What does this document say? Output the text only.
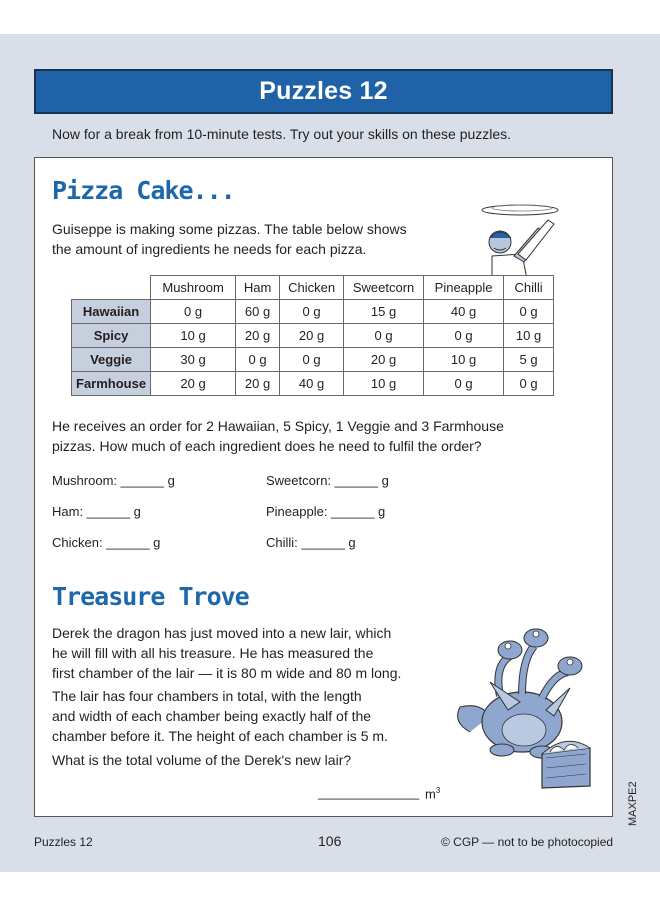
Puzzles 12
Now for a break from 10-minute tests. Try out your skills on these puzzles.
Pizza Cake...
Guiseppe is making some pizzas. The table below shows
the amount of ingredients he needs for each pizza.
	Mushroom	Ham	Chicken	Sweetcorn	Pineapple	Chilli
Hawaiian	0 g	60 g	0 g	15 g	40 g	0 g
Spicy	10 g	20 g	20 g	0 g	0 g	10 g
Veggie	30 g	0 g	0 g	20 g	10 g	5 g
Farmhouse	20 g	20 g	40 g	10 g	0 g	0 g
He receives an order for 2 Hawaiian, 5 Spicy, 1 Veggie and 3 Farmhouse
pizzas. How much of each ingredient does he need to fulfil the order?
Mushroom: ______ g
Ham: ______ g
Chicken: ______ g
Sweetcorn: ______ g
Pineapple: ______ g
Chilli: ______ g
Treasure Trove
Derek the dragon has just moved into a new lair, which
he will fill with all his treasure. He has measured the
first chamber of the lair — it is 80 m wide and 80 m long.
The lair has four chambers in total, with the length
and width of each chamber being exactly half of the
chamber before it. The height of each chamber is 5 m.
What is the total volume of the Derek's new lair?
______________ $m^3$
Puzzles 12	106	© CGP — not to be photocopied
MAXPE2
